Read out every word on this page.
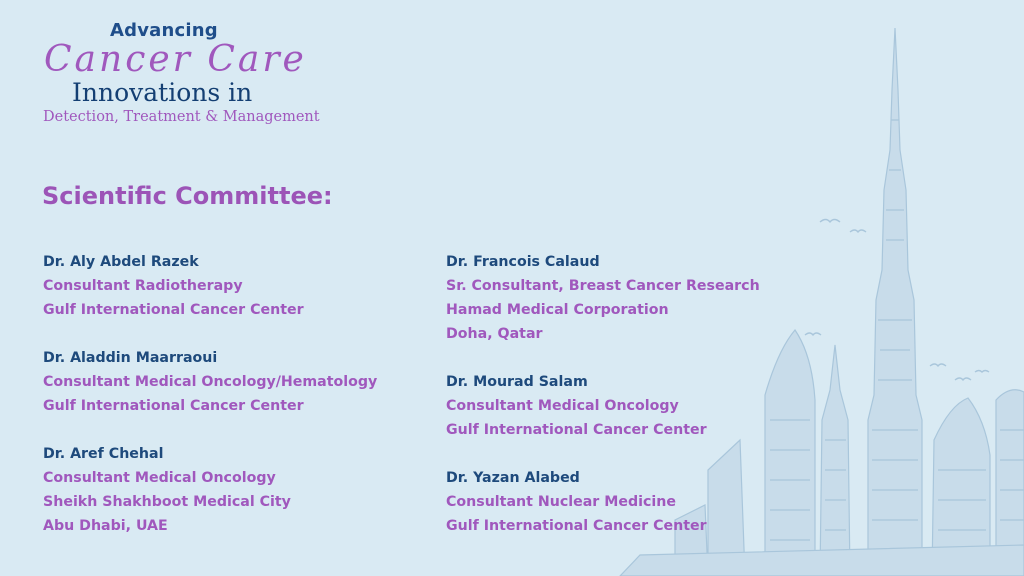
Advancing
Cancer Care
Innovations in
Detection, Treatment & Management
Scientific Committee:
Dr. Aly Abdel Razek
Consultant Radiotherapy
Gulf International Cancer Center
Dr. Aladdin Maarraoui
Consultant Medical Oncology/Hematology
Gulf International Cancer Center
Dr. Aref Chehal
Consultant Medical Oncology
Sheikh Shakhboot Medical City
Abu Dhabi, UAE
Dr. Francois Calaud
Sr. Consultant, Breast Cancer Research
Hamad Medical Corporation
Doha, Qatar
Dr. Mourad Salam
Consultant Medical Oncology
Gulf International Cancer Center
Dr. Yazan Alabed
Consultant Nuclear Medicine
Gulf International Cancer Center
